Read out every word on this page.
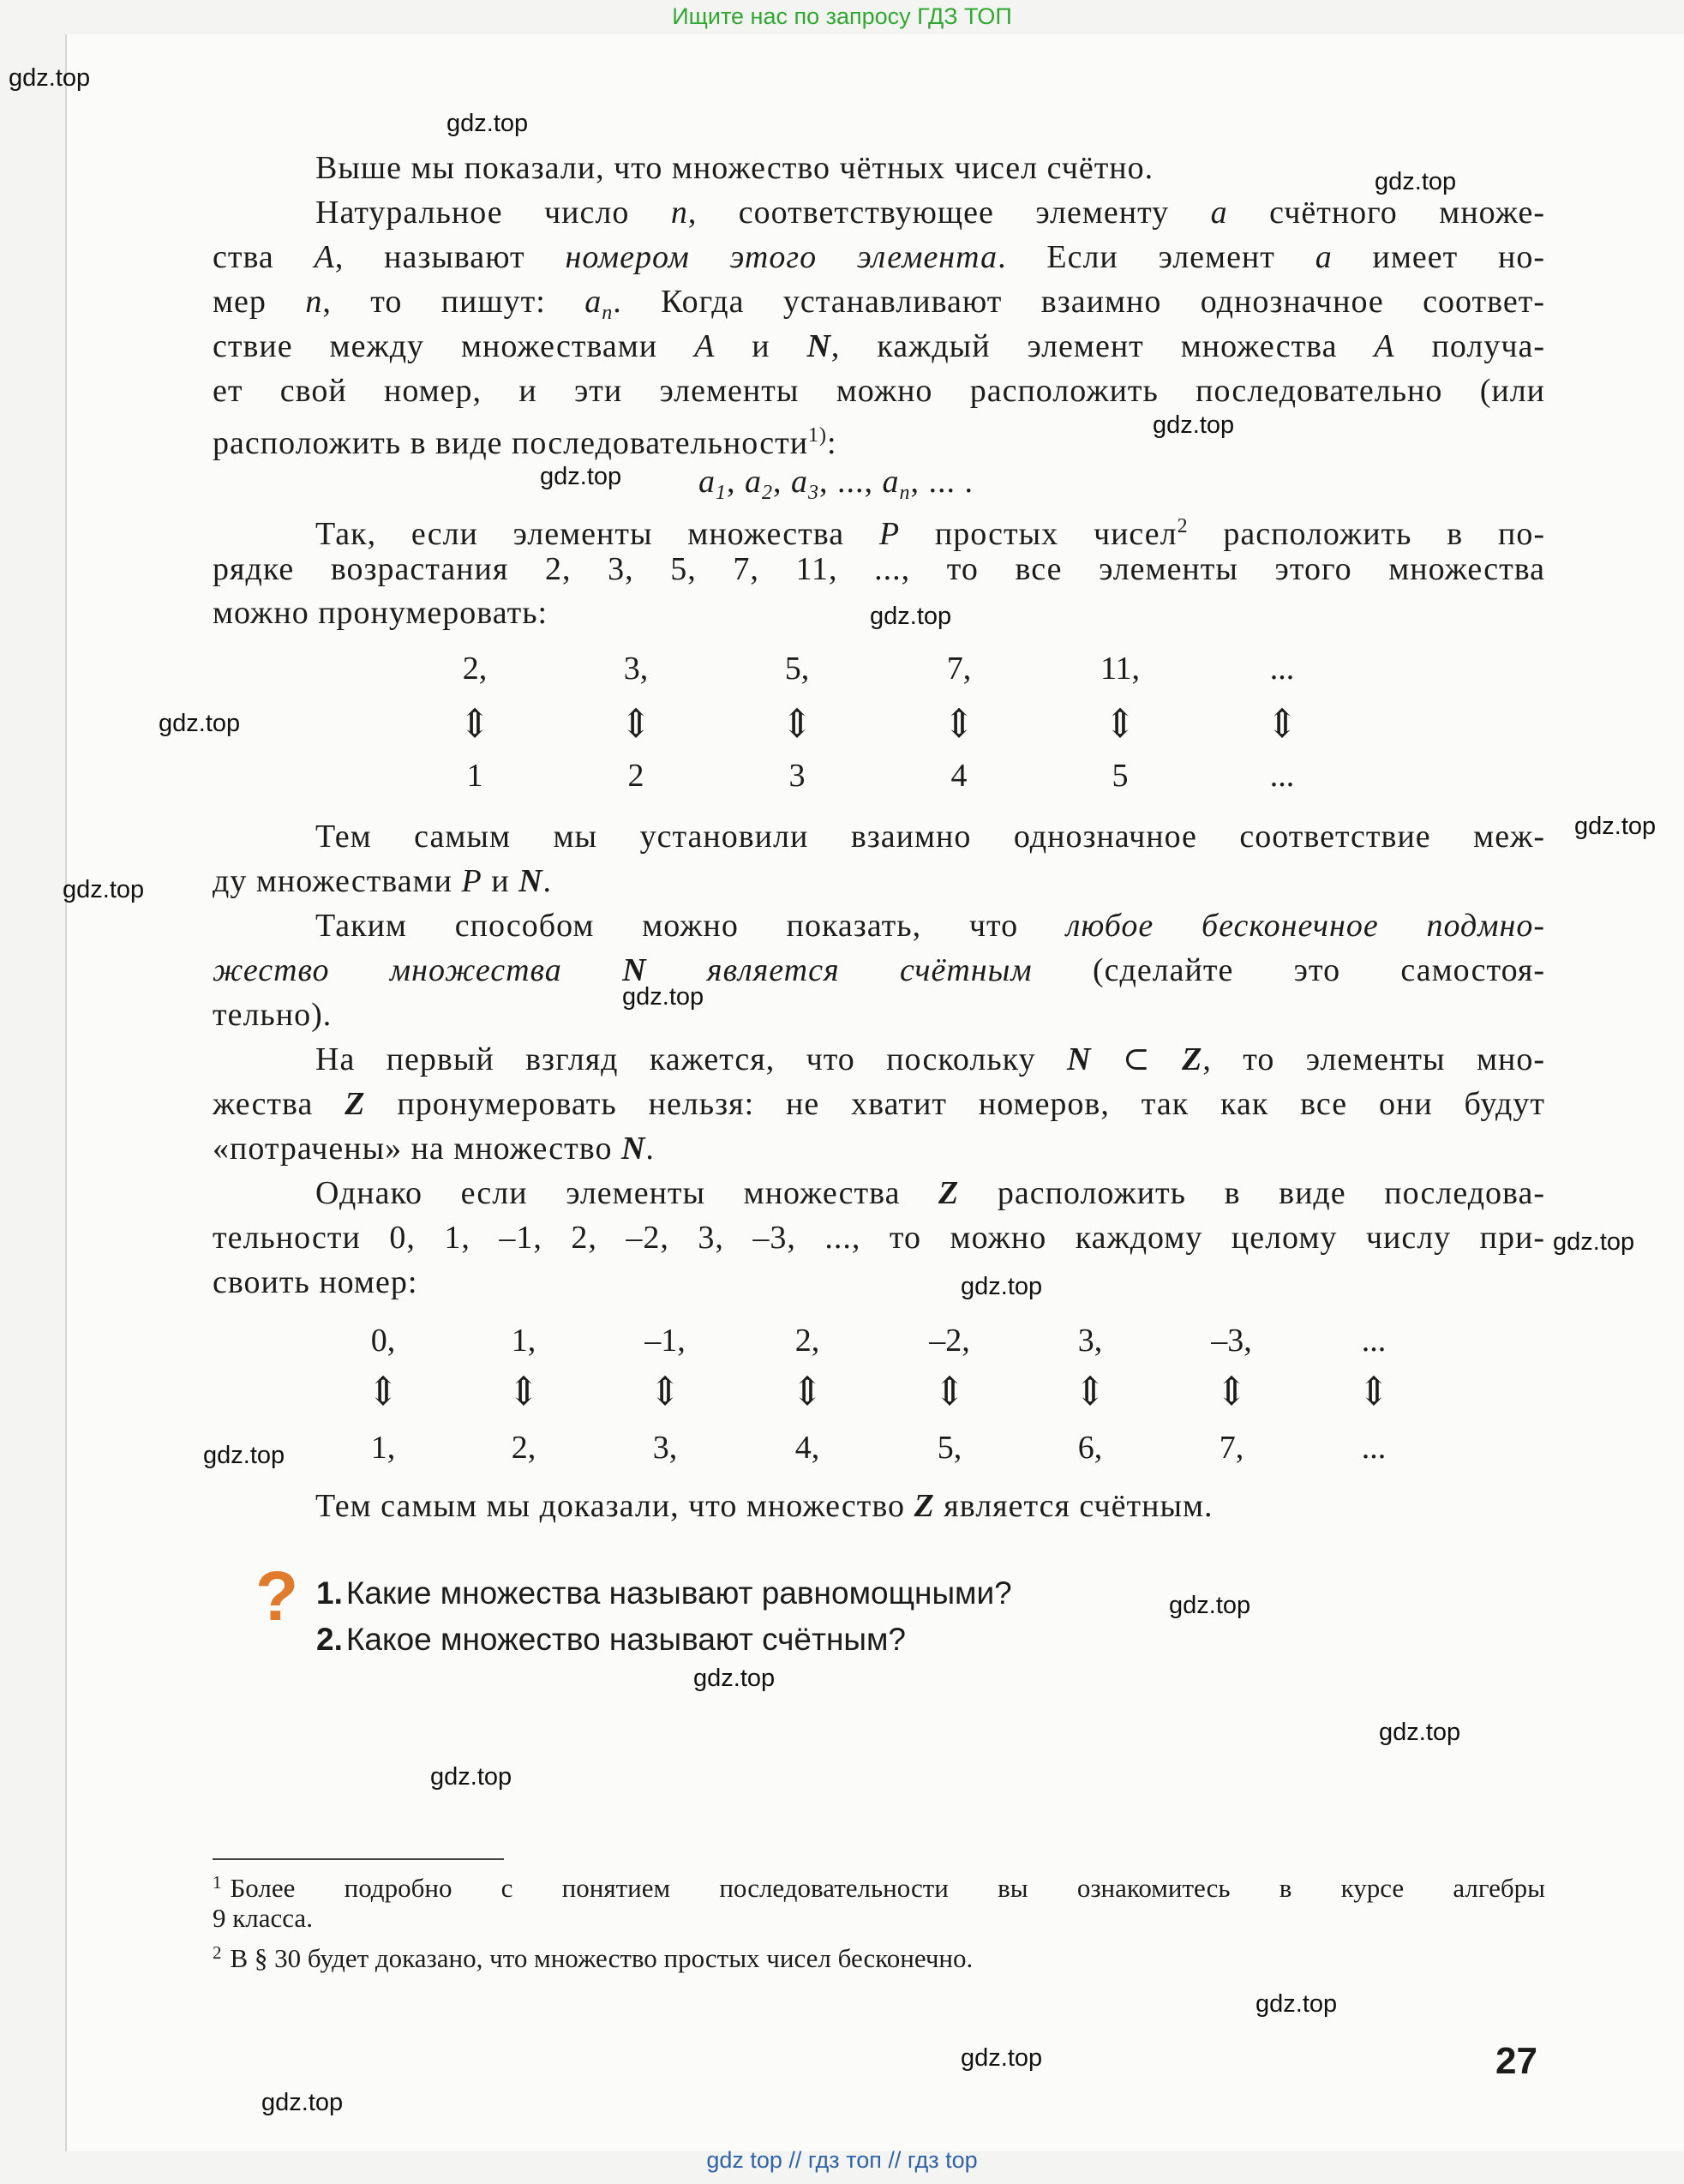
Ищите нас по запросу ГДЗ ТОП
Выше мы показали, что множество чётных чисел счётно.
Натуральное число n, соответствующее элементу a счётного множе-
ства A, называют номером этого элемента. Если элемент a имеет но-
мер n, то пишут: $a_n$. Когда устанавливают взаимно однозначное соответ-
ствие между множествами A и N, каждый элемент множества A получа-
ет свой номер, и эти элементы можно расположить последовательно (или
расположить в виде последовательности$^{1)}$:
$a_1$, $a_2$, $a_3$, ..., $a_n$, ... .
Так, если элементы множества P простых чисел$^2$ расположить в по-
рядке возрастания 2, 3, 5, 7, 11, ..., то все элементы этого множества
можно пронумеровать:
2,
1
⇕
3,
2
⇕
5,
3
⇕
7,
4
⇕
11,
5
⇕
...
...
⇕
Тем самым мы установили взаимно однозначное соответствие меж-
ду множествами P и N.
Таким способом можно показать, что любое бесконечное подмно-
жество множества N является счётным (сделайте это самостоя-
тельно).
На первый взгляд кажется, что поскольку N ⊂ Z, то элементы мно-
жества Z пронумеровать нельзя: не хватит номеров, так как все они будут
«потрачены» на множество N.
Однако если элементы множества Z расположить в виде последова-
тельности 0, 1, –1, 2, –2, 3, –3, ..., то можно каждому целому числу при-
своить номер:
0,
1,
⇕
1,
2,
⇕
–1,
3,
⇕
2,
4,
⇕
–2,
5,
⇕
3,
6,
⇕
–3,
7,
⇕
...
...
⇕
Тем самым мы доказали, что множество Z является счётным.
? 1. Какие множества называют равномощными?
2. Какое множество называют счётным?
$^1$ Более подробно с понятием последовательности вы ознакомитесь в курсе алгебры
9 класса.
$^2$ В § 30 будет доказано, что множество простых чисел бесконечно.
27
gdz.top
gdz.top
gdz.top
gdz.top
gdz.top
gdz.top
gdz.top
gdz.top
gdz.top
gdz.top
gdz.top
gdz.top
gdz.top
gdz.top
gdz.top
gdz.top
gdz.top
gdz.top
gdz.top
gdz.top
gdz top // гдз топ // гдз top
